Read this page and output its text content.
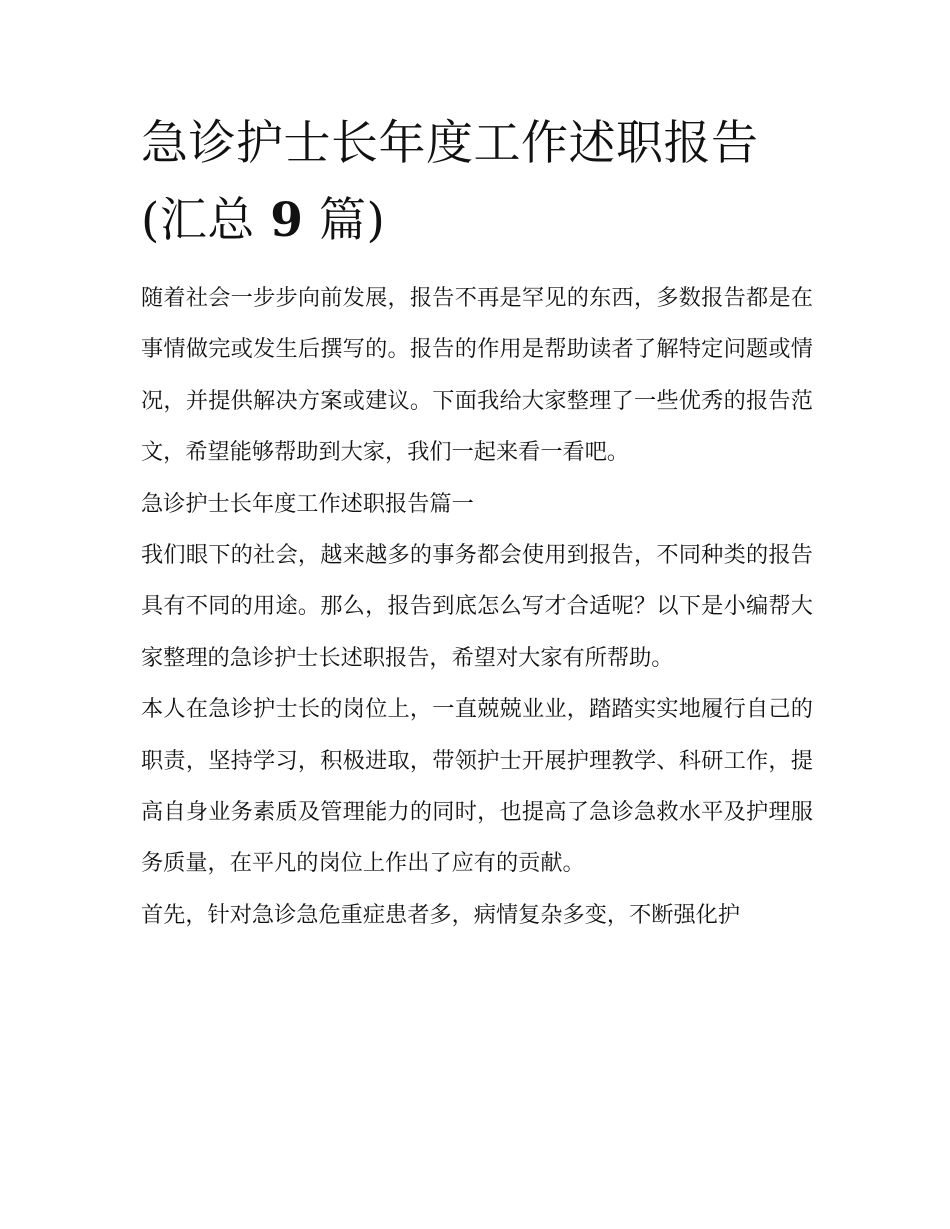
急诊护士长年度工作述职报告
(汇总 9 篇)

随着社会一步步向前发展，报告不再是罕见的东西，多数报告都是在事情做完或发生后撰写的。报告的作用是帮助读者了解特定问题或情况，并提供解决方案或建议。下面我给大家整理了一些优秀的报告范文，希望能够帮助到大家，我们一起来看一看吧。

急诊护士长年度工作述职报告篇一

我们眼下的社会，越来越多的事务都会使用到报告，不同种类的报告具有不同的用途。那么，报告到底怎么写才合适呢？以下是小编帮大家整理的急诊护士长述职报告，希望对大家有所帮助。

本人在急诊护士长的岗位上，一直兢兢业业，踏踏实实地履行自己的职责，坚持学习，积极进取，带领护士开展护理教学、科研工作，提高自身业务素质及管理能力的同时，也提高了急诊急救水平及护理服务质量，在平凡的岗位上作出了应有的贡献。

首先，针对急诊急危重症患者多，病情复杂多变，不断强化护
